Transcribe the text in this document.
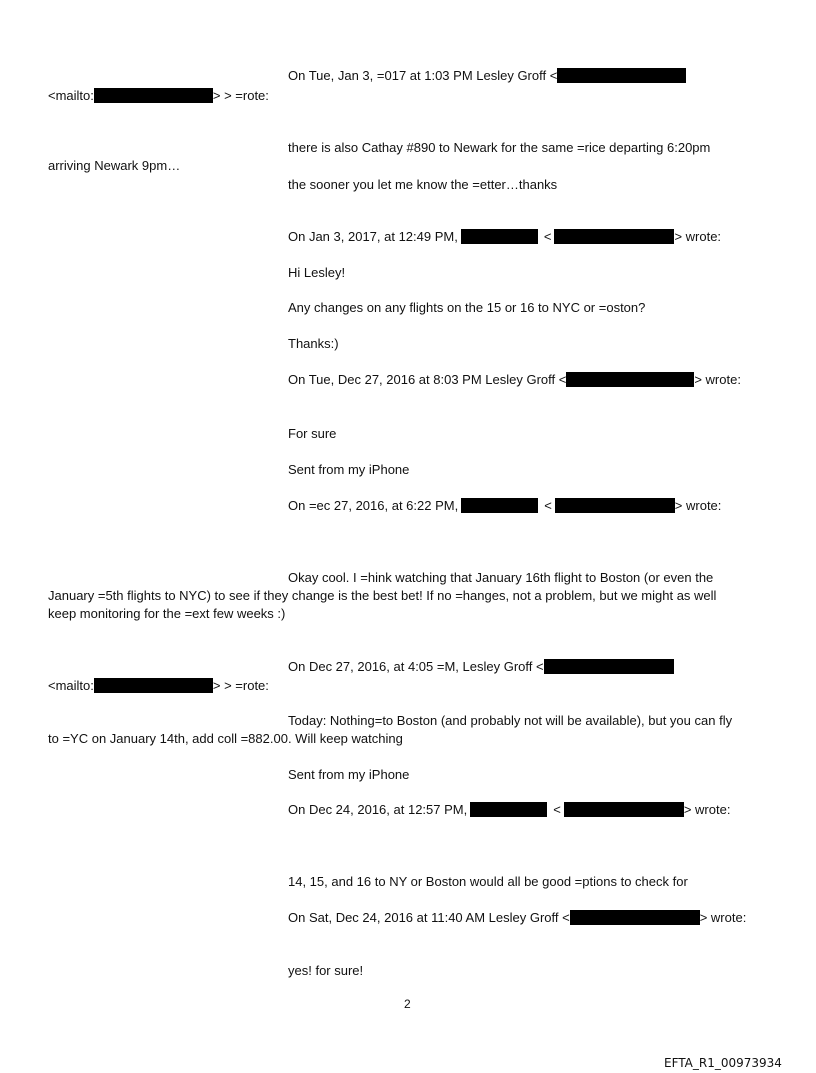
On Tue, Jan 3, =017 at 1:03 PM Lesley Groff <
<mailto:	> > =rote:
there is also Cathay #890 to Newark for the same =rice departing 6:20pm
arriving Newark 9pm…
the sooner you let me know the =etter…thanks
On Jan 3, 2017, at 12:49 PM,	<	> wrote:
Hi Lesley!
Any changes on any flights on the 15 or 16 to NYC or =oston?
Thanks:)
On Tue, Dec 27, 2016 at 8:03 PM Lesley Groff <	> wrote:
For sure
Sent from my iPhone
On =ec 27, 2016, at 6:22 PM,	<	> wrote:
Okay cool. I =hink watching that January 16th flight to Boston (or even the
January =5th flights to NYC) to see if they change is the best bet! If no =hanges, not a problem, but we might as well
keep monitoring for the =ext few weeks :)
On Dec 27, 2016, at 4:05 =M, Lesley Groff <
<mailto:	> > =rote:
Today: Nothing=to Boston (and probably not will be available), but you can fly
to =YC on January 14th, add coll =882.00. Will keep watching
Sent from my iPhone
On Dec 24, 2016, at 12:57 PM,	<	> wrote:
14, 15, and 16 to NY or Boston would all be good =ptions to check for
On Sat, Dec 24, 2016 at 11:40 AM Lesley Groff <	> wrote:
yes! for sure!
2
EFTA_R1_00973934
